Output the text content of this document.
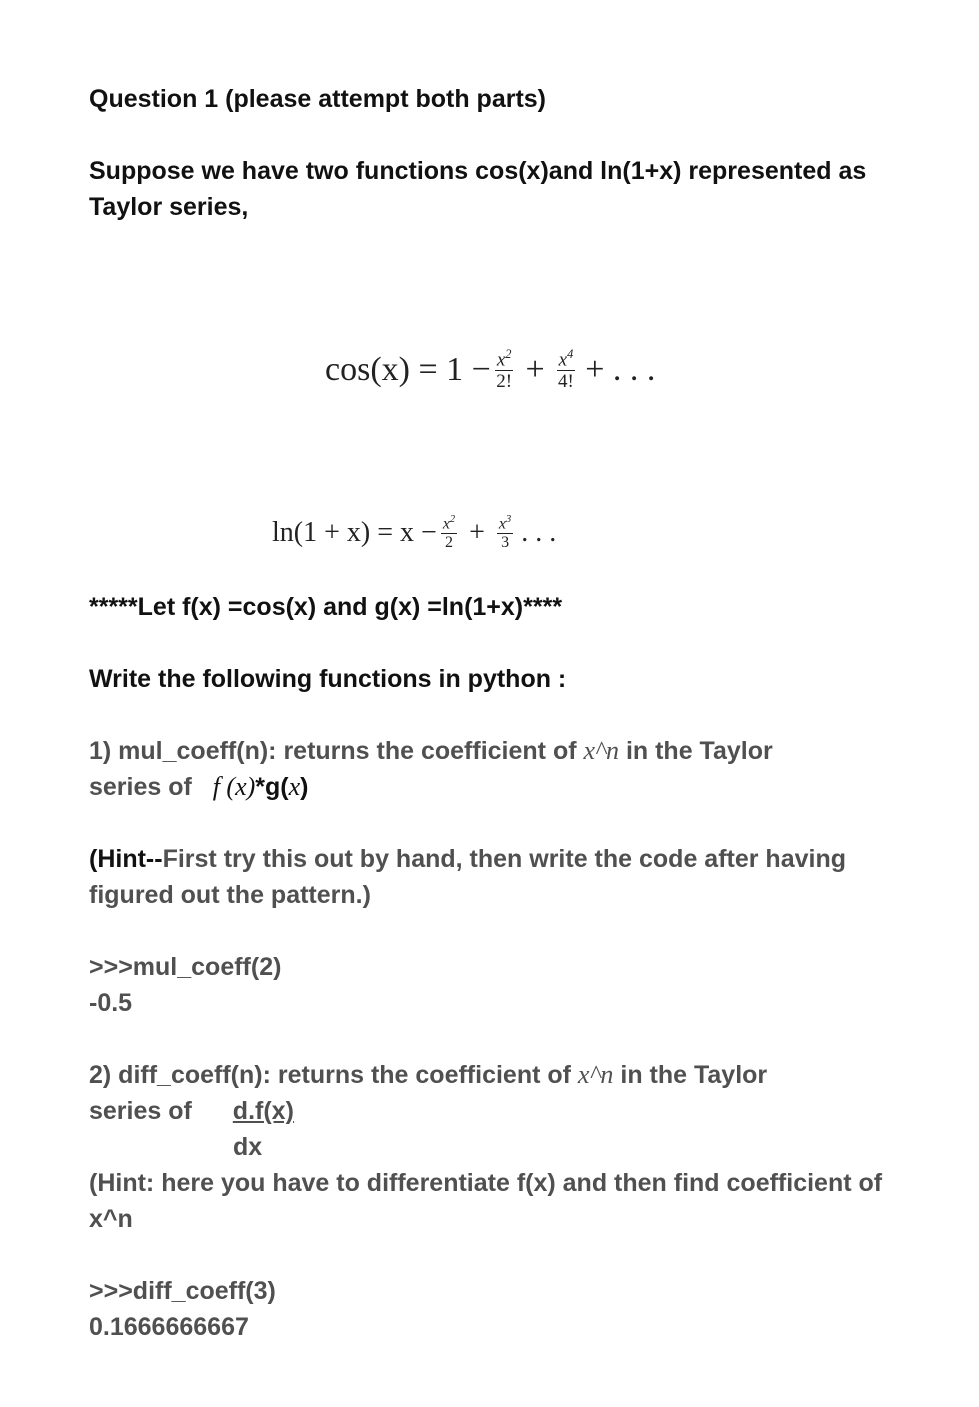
Question 1 (please attempt both parts)

Suppose we have two functions cos(x)and ln(1+x) represented as Taylor series,

$\cos(x) = 1 - \frac{x^2}{2!} + \frac{x^4}{4!}$ + . . .
$\ln(1 + x) = x - \frac{x^2}{2} + \frac{x^3}{3}$ . . .

*****Let f(x) =cos(x) and g(x) =ln(1+x)****

Write the following functions in python :

1) mul_coeff(n): returns the coefficient of x^n in the Taylor
series of   f (x)*g(x)

(Hint--First try this out by hand, then write the code after having figured out the pattern.)

>>>mul_coeff(2)

-0.5

2) diff_coeff(n): returns the coefficient of x^n in the Taylor

series of d.f(x)

dx

(Hint: here you have to differentiate f(x) and then find coefficient of x^n

>>>diff_coeff(3)

0.1666666667
